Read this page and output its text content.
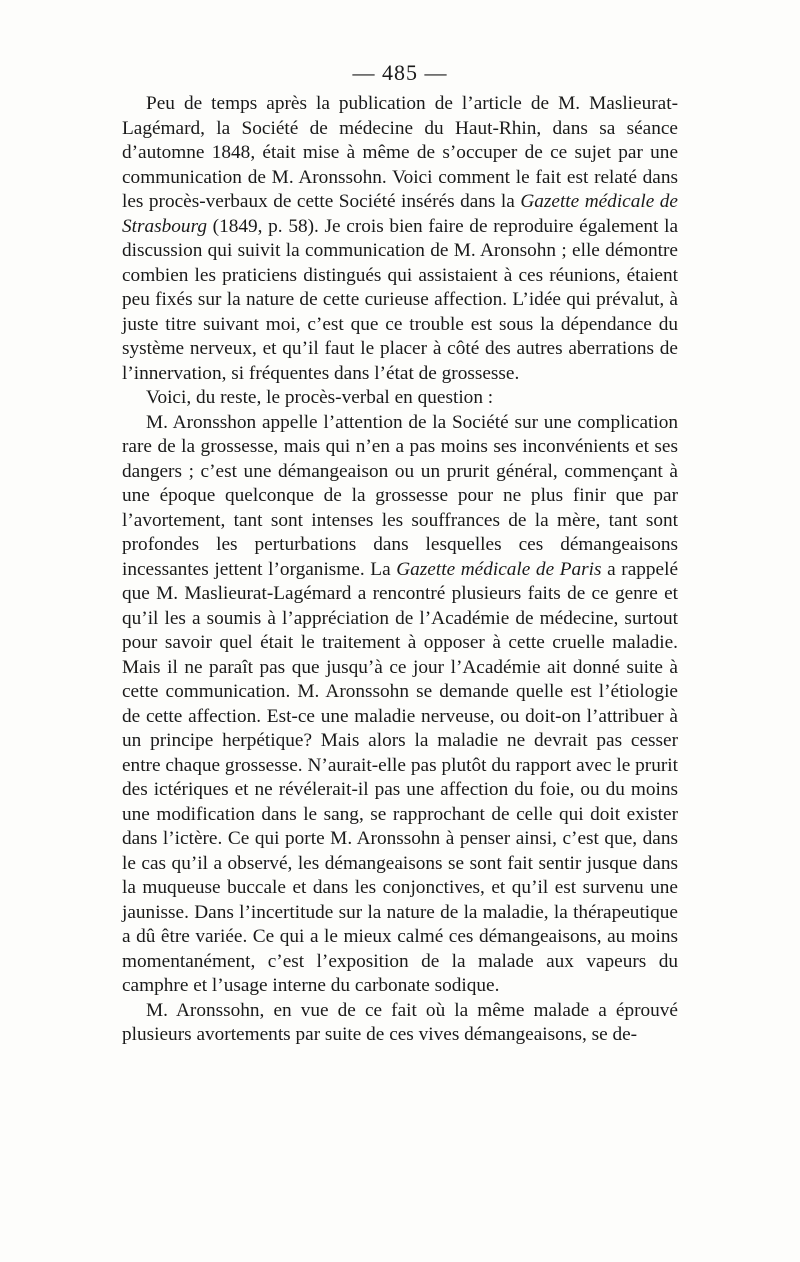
— 485 —

Peu de temps après la publication de l’article de M. Maslieurat-Lagémard, la Société de médecine du Haut-Rhin, dans sa séance d’automne 1848, était mise à même de s’occuper de ce sujet par une communication de M. Aronssohn. Voici comment le fait est relaté dans les procès-verbaux de cette Société insérés dans la Gazette médicale de Strasbourg (1849, p. 58). Je crois bien faire de reproduire également la discussion qui suivit la communication de M. Aronsohn ; elle démontre combien les praticiens distingués qui assistaient à ces réunions, étaient peu fixés sur la nature de cette curieuse affection. L’idée qui prévalut, à juste titre suivant moi, c’est que ce trouble est sous la dépendance du système nerveux, et qu’il faut le placer à côté des autres aberrations de l’innervation, si fréquentes dans l’état de grossesse.

Voici, du reste, le procès-verbal en question :

M. Aronsshon appelle l’attention de la Société sur une complication rare de la grossesse, mais qui n’en a pas moins ses inconvénients et ses dangers ; c’est une démangeaison ou un prurit général, commençant à une époque quelconque de la grossesse pour ne plus finir que par l’avortement, tant sont intenses les souffrances de la mère, tant sont profondes les perturbations dans lesquelles ces démangeaisons incessantes jettent l’organisme. La Gazette médicale de Paris a rappelé que M. Maslieurat-Lagémard a rencontré plusieurs faits de ce genre et qu’il les a soumis à l’appréciation de l’Académie de médecine, surtout pour savoir quel était le traitement à opposer à cette cruelle maladie. Mais il ne paraît pas que jusqu’à ce jour l’Académie ait donné suite à cette communication. M. Aronssohn se demande quelle est l’étiologie de cette affection. Est-ce une maladie nerveuse, ou doit-on l’attribuer à un principe herpétique? Mais alors la maladie ne devrait pas cesser entre chaque grossesse. N’aurait-elle pas plutôt du rapport avec le prurit des ictériques et ne révélerait-il pas une affection du foie, ou du moins une modification dans le sang, se rapprochant de celle qui doit exister dans l’ictère. Ce qui porte M. Aronssohn à penser ainsi, c’est que, dans le cas qu’il a observé, les démangeaisons se sont fait sentir jusque dans la muqueuse buccale et dans les conjonctives, et qu’il est survenu une jaunisse. Dans l’incertitude sur la nature de la maladie, la thérapeutique a dû être variée. Ce qui a le mieux calmé ces démangeaisons, au moins momentanément, c’est l’exposition de la malade aux vapeurs du camphre et l’usage interne du carbonate sodique.

M. Aronssohn, en vue de ce fait où la même malade a éprouvé plusieurs avortements par suite de ces vives démangeaisons, se de-
